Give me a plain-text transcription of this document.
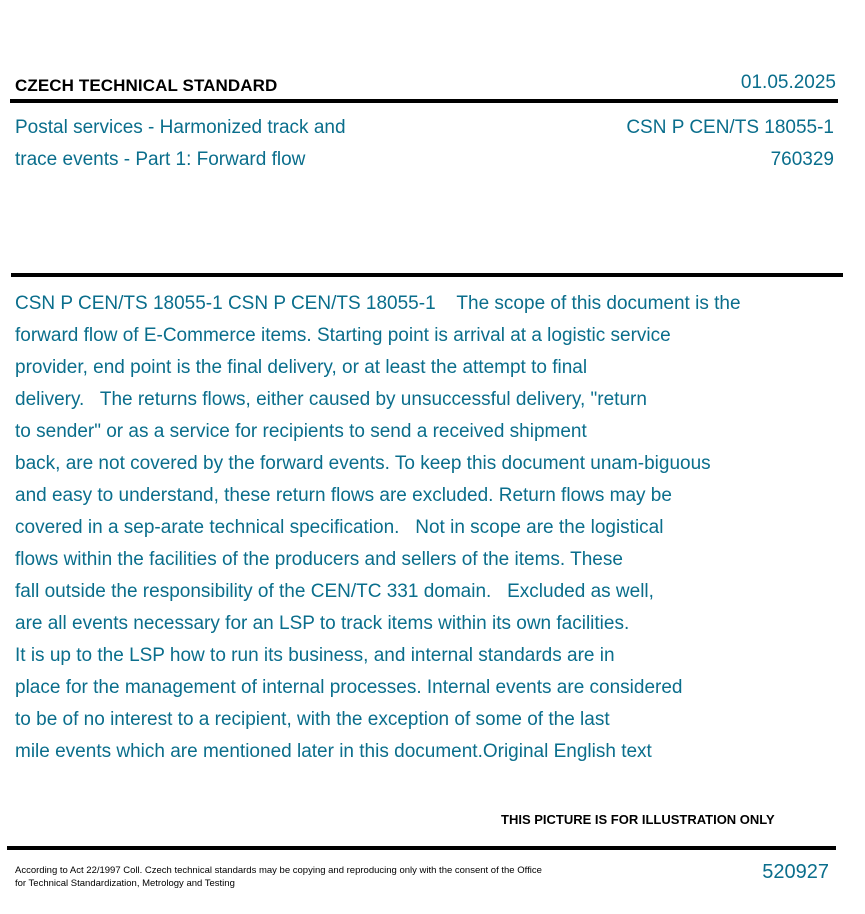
CZECH TECHNICAL STANDARD	01.05.2025
Postal services - Harmonized track and
trace events - Part 1: Forward flow
CSN P CEN/TS 18055-1
760329
CSN P CEN/TS 18055-1 CSN P CEN/TS 18055-1    The scope of this document is the
forward flow of E-Commerce items. Starting point is arrival at a logistic service
provider, end point is the final delivery, or at least the attempt to final
delivery.   The returns flows, either caused by unsuccessful delivery, "return
to sender" or as a service for recipients to send a received shipment
back, are not covered by the forward events. To keep this document unam-biguous
and easy to understand, these return flows are excluded. Return flows may be
covered in a sep-arate technical specification.   Not in scope are the logistical
flows within the facilities of the producers and sellers of the items. These
fall outside the responsibility of the CEN/TC 331 domain.   Excluded as well,
are all events necessary for an LSP to track items within its own facilities.
It is up to the LSP how to run its business, and internal standards are in
place for the management of internal processes. Internal events are considered
to be of no interest to a recipient, with the exception of some of the last
mile events which are mentioned later in this document.Original English text
THIS PICTURE IS FOR ILLUSTRATION ONLY
According to Act 22/1997 Coll. Czech technical standards may be copying and reproducing only with the consent of the Office
for Technical Standardization, Metrology and Testing
520927
